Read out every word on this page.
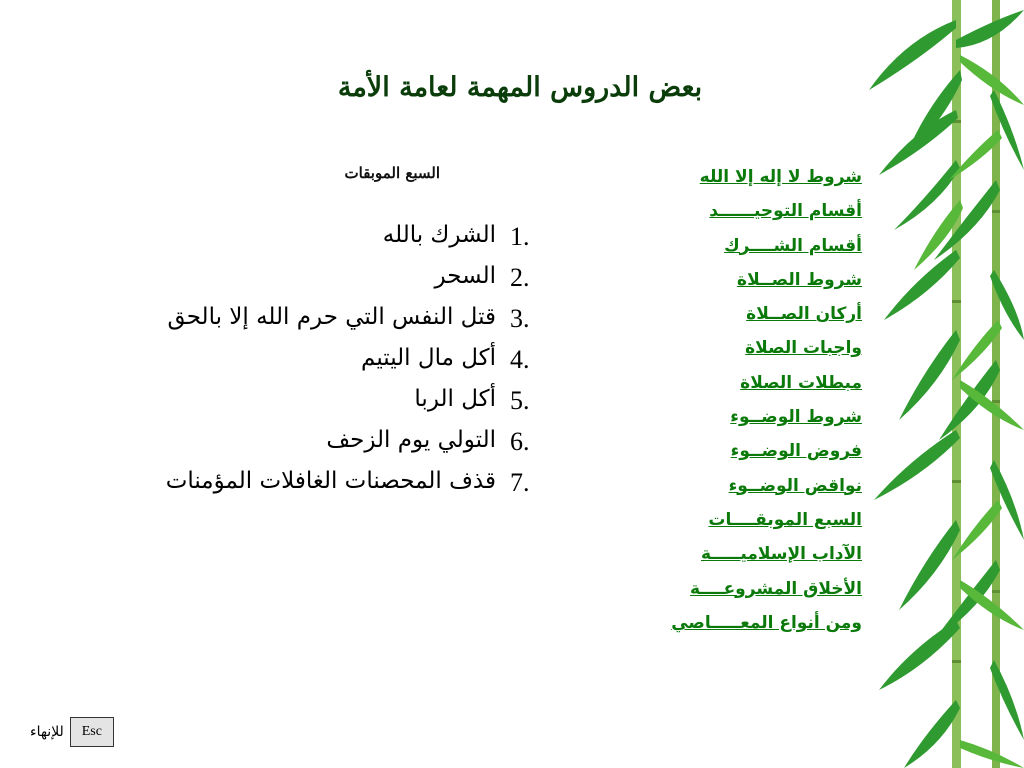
بعض الدروس المهمة لعامة الأمة
السبع الموبقات
1.
الشرك بالله
2.
السحر
3.
قتل النفس التي حرم الله إلا بالحق
4.
أكل مال اليتيم
5.
أكل الربا
6.
التولي يوم الزحف
7.
قذف المحصنات الغافلات المؤمنات
شروط لا إله إلا الله
أقسام التوحيــــــد
أقسام الشــــرك
شروط الصــلاة
أركان الصــلاة
واجبات الصلاة
مبطلات الصلاة
شروط الوضــوء
فروض الوضــوء
نواقض الوضــوء
السبع الموبقــــات
الآداب الإسلاميـــــة
الأخلاق المشروعــــة
ومن أنواع المعـــــاصي
للإنهاء	Esc
